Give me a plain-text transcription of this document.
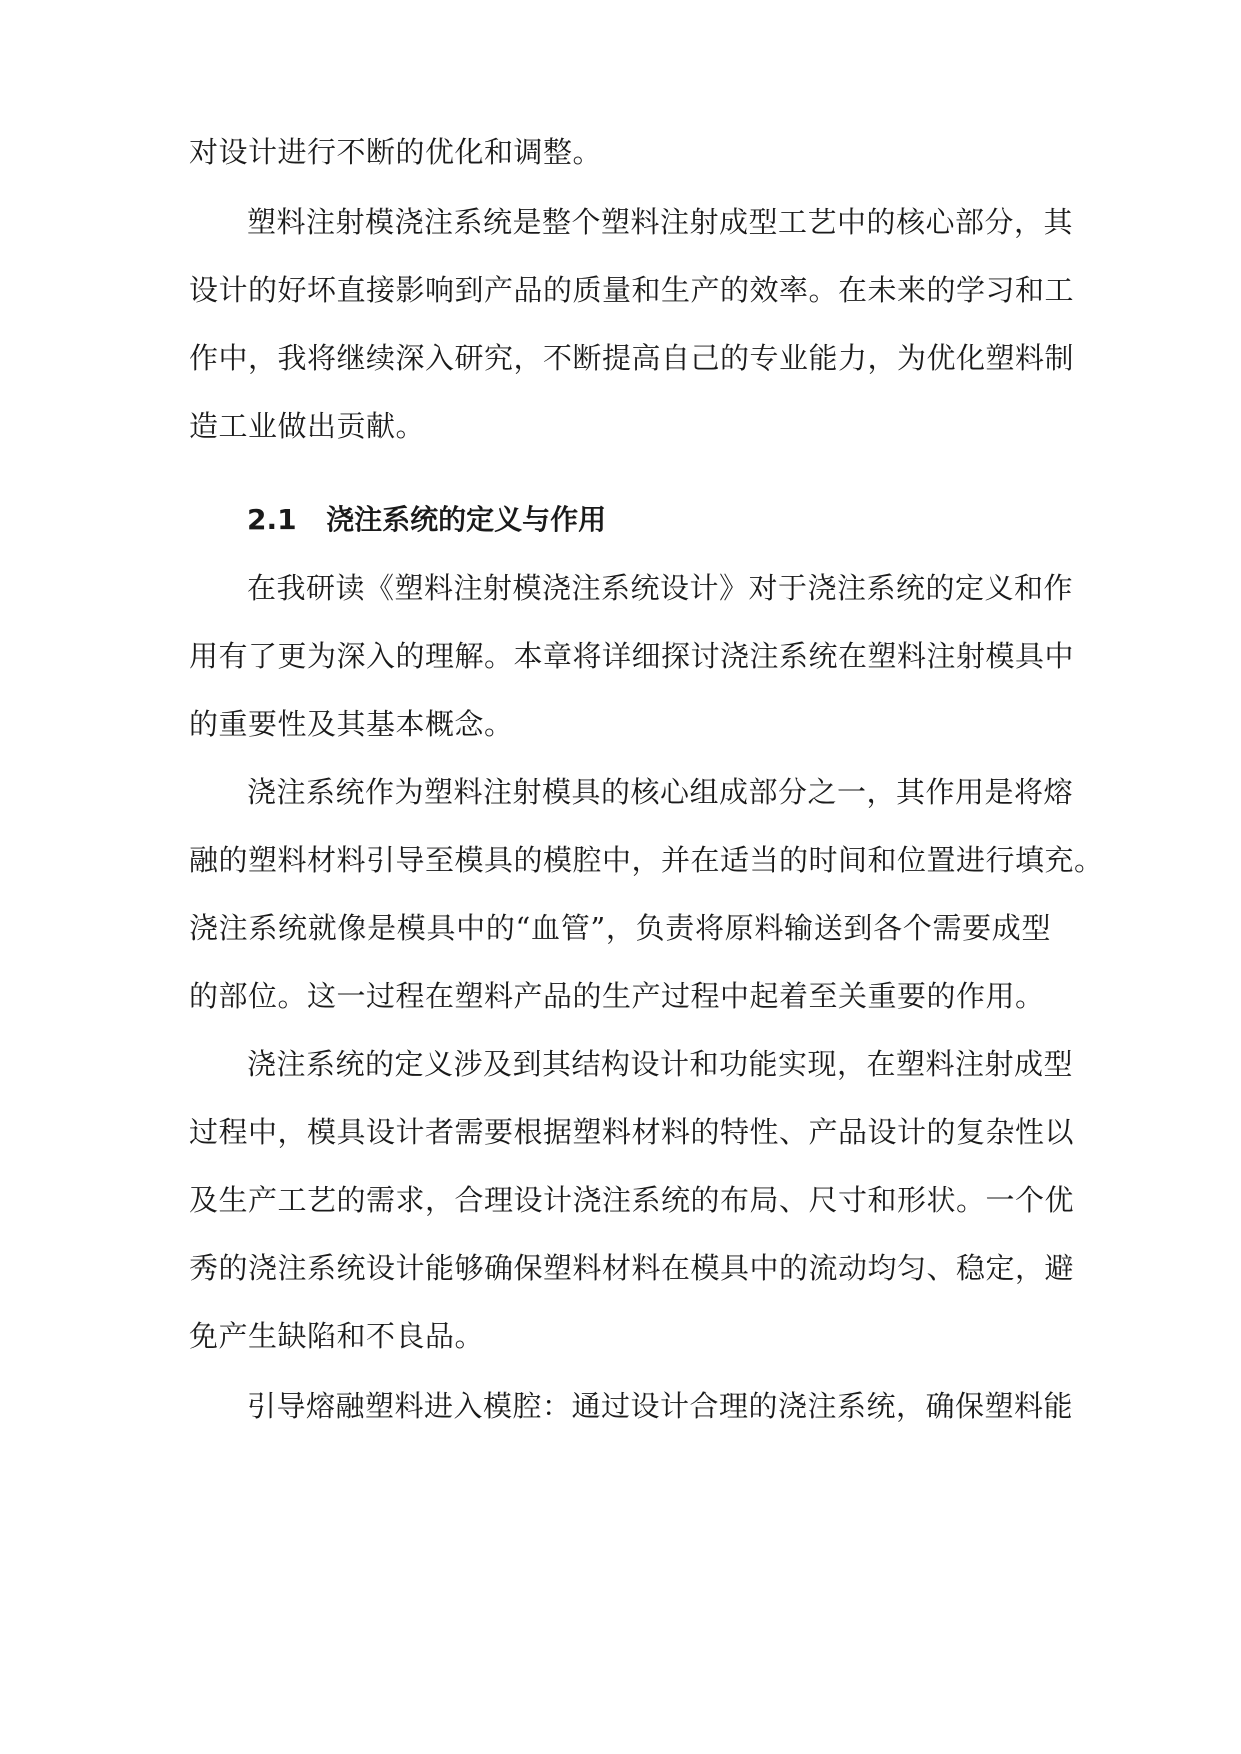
对设计进行不断的优化和调整。
塑料注射模浇注系统是整个塑料注射成型工艺中的核心部分，其
设计的好坏直接影响到产品的质量和生产的效率。在未来的学习和工
作中，我将继续深入研究，不断提高自己的专业能力，为优化塑料制
造工业做出贡献。
2.1 浇注系统的定义与作用
在我研读《塑料注射模浇注系统设计》对于浇注系统的定义和作
用有了更为深入的理解。本章将详细探讨浇注系统在塑料注射模具中
的重要性及其基本概念。
浇注系统作为塑料注射模具的核心组成部分之一，其作用是将熔
融的塑料材料引导至模具的模腔中，并在适当的时间和位置进行填充。
浇注系统就像是模具中的“血管”，负责将原料输送到各个需要成型
的部位。这一过程在塑料产品的生产过程中起着至关重要的作用。
浇注系统的定义涉及到其结构设计和功能实现，在塑料注射成型
过程中，模具设计者需要根据塑料材料的特性、产品设计的复杂性以
及生产工艺的需求，合理设计浇注系统的布局、尺寸和形状。一个优
秀的浇注系统设计能够确保塑料材料在模具中的流动均匀、稳定，避
免产生缺陷和不良品。
引导熔融塑料进入模腔：通过设计合理的浇注系统，确保塑料能
